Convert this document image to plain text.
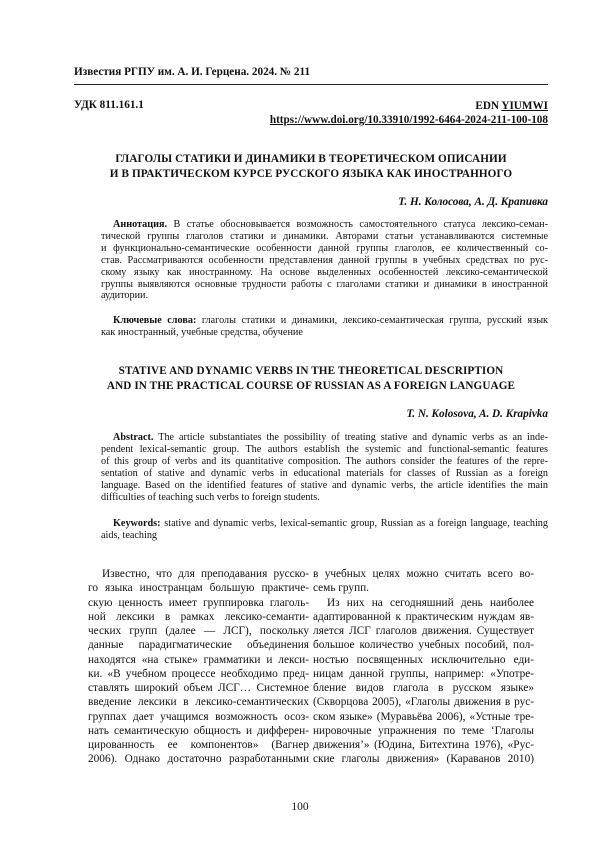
Известия РГПУ им. А. И. Герцена. 2024. № 211
УДК 811.161.1	EDN YIUMWI
https://www.doi.org/10.33910/1992-6464-2024-211-100-108
ГЛАГОЛЫ СТАТИКИ И ДИНАМИКИ В ТЕОРЕТИЧЕСКОМ ОПИСАНИИ
И В ПРАКТИЧЕСКОМ КУРСЕ РУССКОГО ЯЗЫКА КАК ИНОСТРАННОГО
Т. Н. Колосова, А. Д. Крапивка
Аннотация. В статье обосновывается возможность самостоятельного статуса лексико-семан-
тической группы глаголов статики и динамики. Авторами статьи устанавливаются системные
и функционально-семантические особенности данной группы глаголов, ее количественный со-
став. Рассматриваются особенности представления данной группы в учебных средствах по рус-
скому языку как иностранному. На основе выделенных особенностей лексико-семантической
группы выявляются основные трудности работы с глаголами статики и динамики в иностранной
аудитории.
Ключевые слова: глаголы статики и динамики, лексико-семантическая группа, русский язык
как иностранный, учебные средства, обучение
STATIVE AND DYNAMIC VERBS IN THE THEORETICAL DESCRIPTION
AND IN THE PRACTICAL COURSE OF RUSSIAN AS A FOREIGN LANGUAGE
T. N. Kolosova, A. D. Krapivka
Abstract. The article substantiates the possibility of treating stative and dynamic verbs as an inde-
pendent lexical-semantic group. The authors establish the systemic and functional-semantic features
of this group of verbs and its quantitative composition. The authors consider the features of the repre-
sentation of stative and dynamic verbs in educational materials for classes of Russian as a foreign
language. Based on the identified features of stative and dynamic verbs, the article identifies the main
difficulties of teaching such verbs to foreign students.
Keywords: stative and dynamic verbs, lexical-semantic group, Russian as a foreign language, teaching
aids, teaching
Известно, что для преподавания русско-
го языка иностранцам большую практиче-
скую ценность имеет группировка глаголь-
ной лексики в рамках лексико-семанти-
ческих групп (далее — ЛСГ), поскольку
данные парадигматические объединения
находятся «на стыке» грамматики и лекси-
ки. «В учебном процессе необходимо пред-
ставлять широкий объем ЛСГ… Системное
введение лексики в лексико-семантических
группах дает учащимся возможность осоз-
нать семантическую общность и дифферен-
цированность ее компонентов» (Вагнер
2006). Однако достаточно разработанными
в учебных целях можно считать всего во-
семь групп.
Из них на сегодняшний день наиболее
адаптированной к практическим нуждам яв-
ляется ЛСГ глаголов движения. Существует
большое количество учебных пособий, пол-
ностью посвященных исключительно еди-
ницам данной группы, например: «Употре-
бление видов глагола в русском языке»
(Скворцова 2005), «Глаголы движения в рус-
ском языке» (Муравьёва 2006), «Устные тре-
нировочные упражнения по теме ‘Глаголы
движения’» (Юдина, Битехтина 1976), «Рус-
ские глаголы движения» (Караванов 2010)
100
